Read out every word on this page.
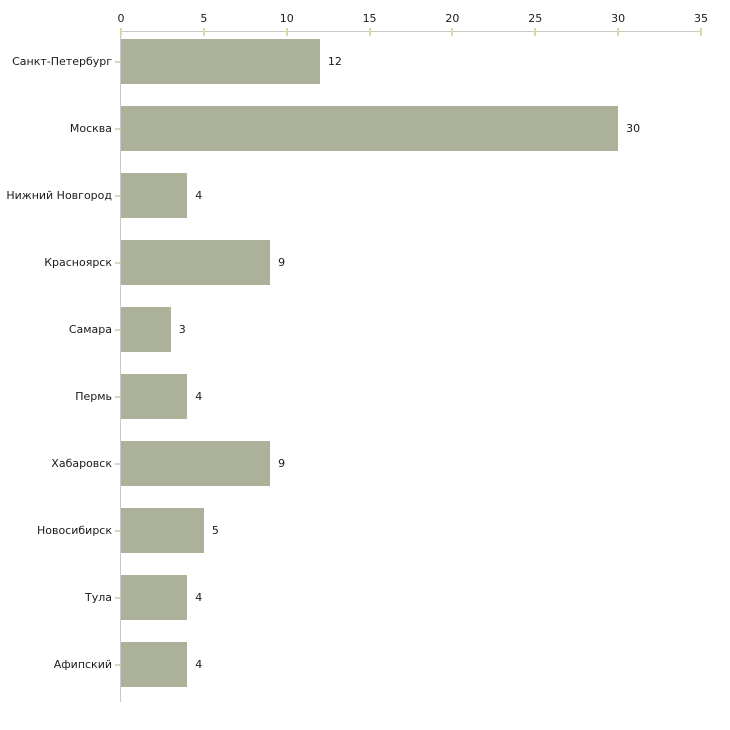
0	5	10	15	20	25	30	35
Санкт-Петербург	12
Москва	30
Нижний Новгород	4
Красноярск	9
Самара	3
Пермь	4
Хабаровск	9
Новосибирск	5
Тула	4
Афипский	4
